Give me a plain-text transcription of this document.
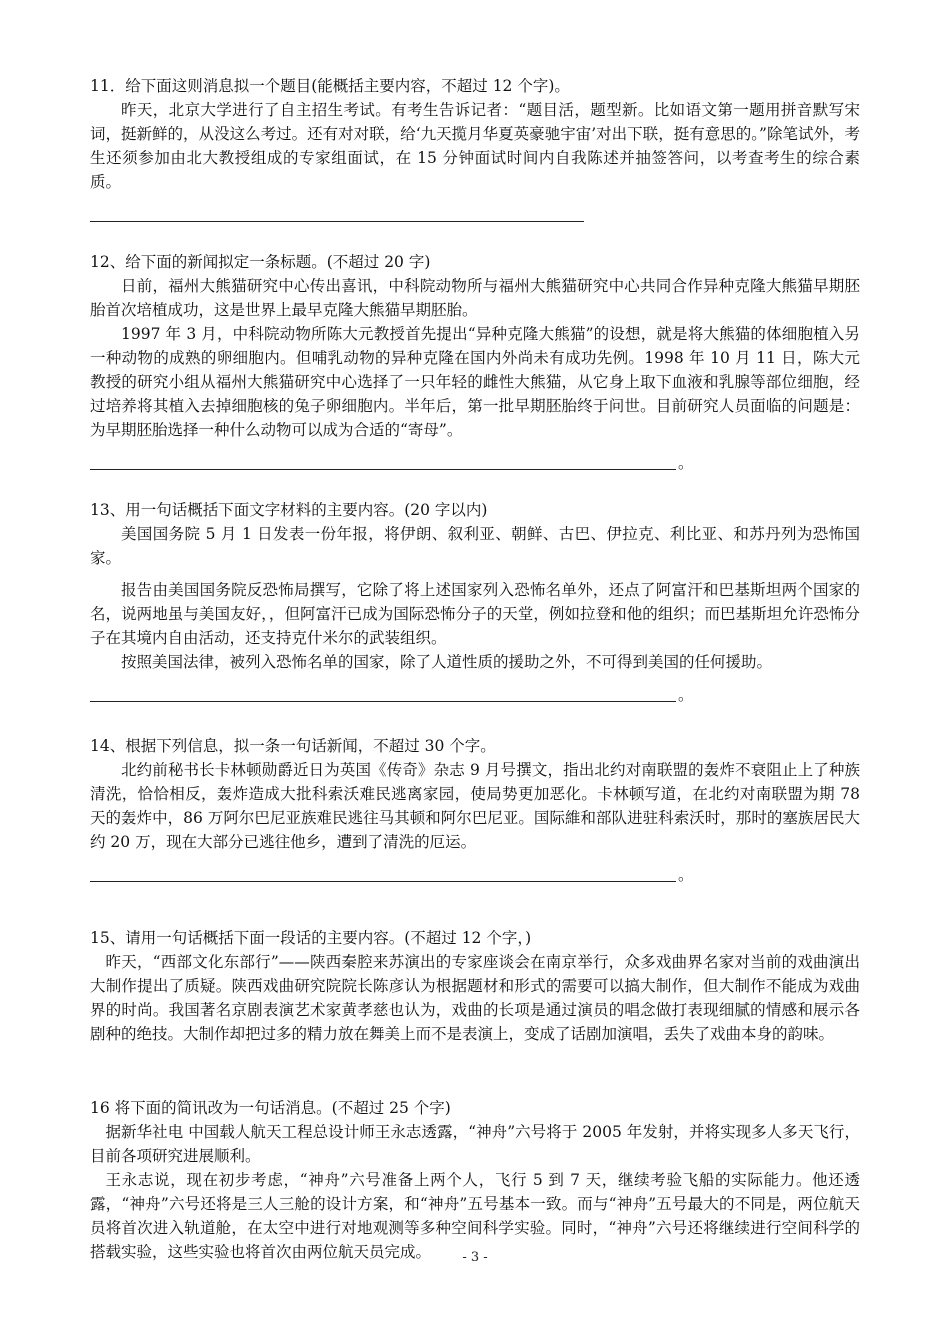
11．给下面这则消息拟一个题目(能概括主要内容，不超过 12 个字)。

昨天，北京大学进行了自主招生考试。有考生告诉记者：“题目活，题型新。比如语文第一题用拼音默写宋词，挺新鲜的，从没这么考过。还有对对联，给‘九天揽月华夏英豪驰宇宙’对出下联，挺有意思的。”除笔试外，考生还须参加由北大教授组成的专家组面试，在 15 分钟面试时间内自我陈述并抽签答问，以考查考生的综合素质。

12、给下面的新闻拟定一条标题。(不超过 20 字)

日前，福州大熊猫研究中心传出喜讯，中科院动物所与福州大熊猫研究中心共同合作异种克隆大熊猫早期胚胎首次培植成功，这是世界上最早克隆大熊猫早期胚胎。

1997 年 3 月，中科院动物所陈大元教授首先提出“异种克隆大熊猫”的设想，就是将大熊猫的体细胞植入另一种动物的成熟的卵细胞内。但哺乳动物的异种克隆在国内外尚未有成功先例。1998 年 10 月 11 日，陈大元教授的研究小组从福州大熊猫研究中心选择了一只年轻的雌性大熊猫，从它身上取下血液和乳腺等部位细胞，经过培养将其植入去掉细胞核的兔子卵细胞内。半年后，第一批早期胚胎终于问世。目前研究人员面临的问题是：为早期胚胎选择一种什么动物可以成为合适的“寄母”。

。

13、用一句话概括下面文字材料的主要内容。(20 字以内)

美国国务院 5 月 1 日发表一份年报，将伊朗、叙利亚、朝鲜、古巴、伊拉克、利比亚、和苏丹列为恐怖国家。

报告由美国国务院反恐怖局撰写，它除了将上述国家列入恐怖名单外，还点了阿富汗和巴基斯坦两个国家的名，说两地虽与美国友好，，但阿富汗已成为国际恐怖分子的天堂，例如拉登和他的组织；而巴基斯坦允许恐怖分子在其境内自由活动，还支持克什米尔的武装组织。

按照美国法律，被列入恐怖名单的国家，除了人道性质的援助之外，不可得到美国的任何援助。

。

14、根据下列信息，拟一条一句话新闻，不超过 30 个字。

北约前秘书长卡林顿勋爵近日为英国《传奇》杂志 9 月号撰文，指出北约对南联盟的轰炸不衰阻止上了种族清洗，恰恰相反，轰炸造成大批科索沃难民逃离家园，使局势更加恶化。卡林顿写道，在北约对南联盟为期 78 天的轰炸中，86 万阿尔巴尼亚族难民逃往马其顿和阿尔巴尼亚。国际維和部队进驻科索沃时，那时的塞族居民大约 20 万，现在大部分已逃往他乡，遭到了清洗的厄运。

。

15、请用一句话概括下面一段话的主要内容。(不超过 12 个字，)

昨天，“西部文化东部行”——陕西秦腔来苏演出的专家座谈会在南京举行，众多戏曲界名家对当前的戏曲演出大制作提出了质疑。陕西戏曲研究院院长陈彦认为根据题材和形式的需要可以搞大制作，但大制作不能成为戏曲界的时尚。我国著名京剧表演艺术家黄孝慈也认为，戏曲的长项是通过演员的唱念做打表现细腻的情感和展示各剧种的绝技。大制作却把过多的精力放在舞美上而不是表演上，变成了话剧加演唱，丢失了戏曲本身的韵味。

16 将下面的简讯改为一句话消息。(不超过 25 个字)

据新华社电 中国载人航天工程总设计师王永志透露，“神舟”六号将于 2005 年发射，并将实现多人多天飞行，目前各项研究进展顺利。

王永志说，现在初步考虑，“神舟”六号准备上两个人，飞行 5 到 7 天，继续考验飞船的实际能力。他还透露，“神舟”六号还将是三人三舱的设计方案，和“神舟”五号基本一致。而与“神舟”五号最大的不同是，两位航天员将首次进入轨道舱，在太空中进行对地观测等多种空间科学实验。同时，“神舟”六号还将继续进行空间科学的搭载实验，这些实验也将首次由两位航天员完成。	- 3 -
